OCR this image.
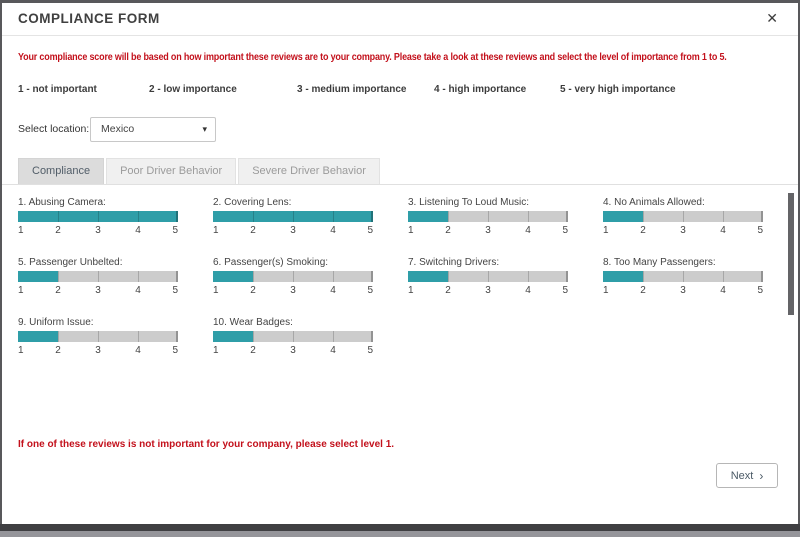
COMPLIANCE FORM	✕
Your compliance score will be based on how important these reviews are to your company. Please take a look at these reviews and select the level of importance from 1 to 5.
1 - not important	2 - low importance	3 - medium importance	4 - high importance	5 - very high importance
Select location: Mexico	▾
Compliance	Poor Driver Behavior	Severe Driver Behavior
1. Abusing Camera:
1	2	3	4	5
2. Covering Lens:
1	2	3	4	5
3. Listening To Loud Music:
1	2	3	4	5
4. No Animals Allowed:
1	2	3	4	5
5. Passenger Unbelted:
1	2	3	4	5
6. Passenger(s) Smoking:
1	2	3	4	5
7. Switching Drivers:
1	2	3	4	5
8. Too Many Passengers:
1	2	3	4	5
9. Uniform Issue:
1	2	3	4	5
10. Wear Badges:
1	2	3	4	5
If one of these reviews is not important for your company, please select level 1.
Next ›
